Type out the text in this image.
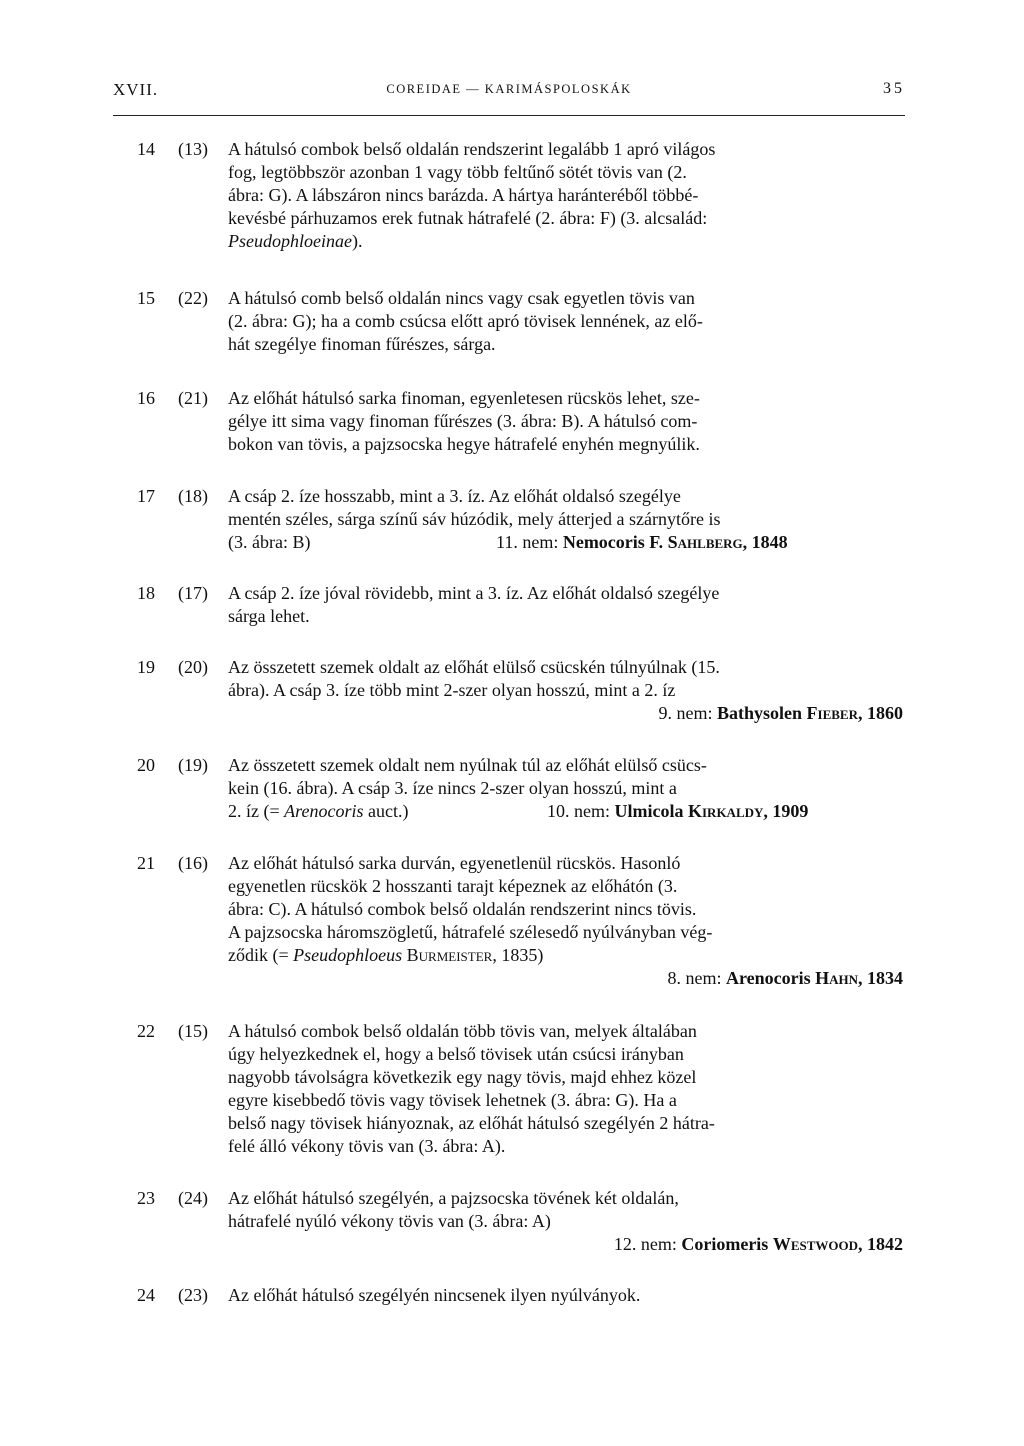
XVII.	COREIDAE — KARIMÁSPOLOSKÁK	35
14	(13)	A hátulsó combok belső oldalán rendszerint legalább 1 apró világos
fog, legtöbbször azonban 1 vagy több feltűnő sötét tövis van (2.
ábra: G). A lábszáron nincs barázda. A hártya haránteréből többé-
kevésbé párhuzamos erek futnak hátrafelé (2. ábra: F) (3. alcsalád:
Pseudophloeinae).
15	(22)	A hátulsó comb belső oldalán nincs vagy csak egyetlen tövis van
(2. ábra: G); ha a comb csúcsa előtt apró tövisek lennének, az elő-
hát szegélye finoman fűrészes, sárga.
16	(21)	Az előhát hátulsó sarka finoman, egyenletesen rücskös lehet, sze-
gélye itt sima vagy finoman fűrészes (3. ábra: B). A hátulsó com-
bokon van tövis, a pajzsocska hegye hátrafelé enyhén megnyúlik.
17	(18)	A csáp 2. íze hosszabb, mint a 3. íz. Az előhát oldalsó szegélye
mentén széles, sárga színű sáv húzódik, mely átterjed a szárnytőre is
(3. ábra: B)	11. nem: Nemocoris F. Sahlberg, 1848
18	(17)	A csáp 2. íze jóval rövidebb, mint a 3. íz. Az előhát oldalsó szegélye
sárga lehet.
19	(20)	Az összetett szemek oldalt az előhát elülső csücskén túlnyúlnak (15.
ábra). A csáp 3. íze több mint 2-szer olyan hosszú, mint a 2. íz
9. nem: Bathysolen Fieber, 1860
20	(19)	Az összetett szemek oldalt nem nyúlnak túl az előhát elülső csücs-
kein (16. ábra). A csáp 3. íze nincs 2-szer olyan hosszú, mint a
2. íz (= Arenocoris auct.)	10. nem: Ulmicola Kirkaldy, 1909
21	(16)	Az előhát hátulsó sarka durván, egyenetlenül rücskös. Hasonló
egyenetlen rücskök 2 hosszanti tarajt képeznek az előhátón (3.
ábra: C). A hátulsó combok belső oldalán rendszerint nincs tövis.
A pajzsocska háromszögletű, hátrafelé szélesedő nyúlványban vég-
ződik (= Pseudophloeus Burmeister, 1835)
8. nem: Arenocoris Hahn, 1834
22	(15)	A hátulsó combok belső oldalán több tövis van, melyek általában
úgy helyezkednek el, hogy a belső tövisek után csúcsi irányban
nagyobb távolságra következik egy nagy tövis, majd ehhez közel
egyre kisebbedő tövis vagy tövisek lehetnek (3. ábra: G). Ha a
belső nagy tövisek hiányoznak, az előhát hátulsó szegélyén 2 hátra-
felé álló vékony tövis van (3. ábra: A).
23	(24)	Az előhát hátulsó szegélyén, a pajzsocska tövének két oldalán,
hátrafelé nyúló vékony tövis van (3. ábra: A)
12. nem: Coriomeris Westwood, 1842
24	(23)	Az előhát hátulsó szegélyén nincsenek ilyen nyúlványok.
